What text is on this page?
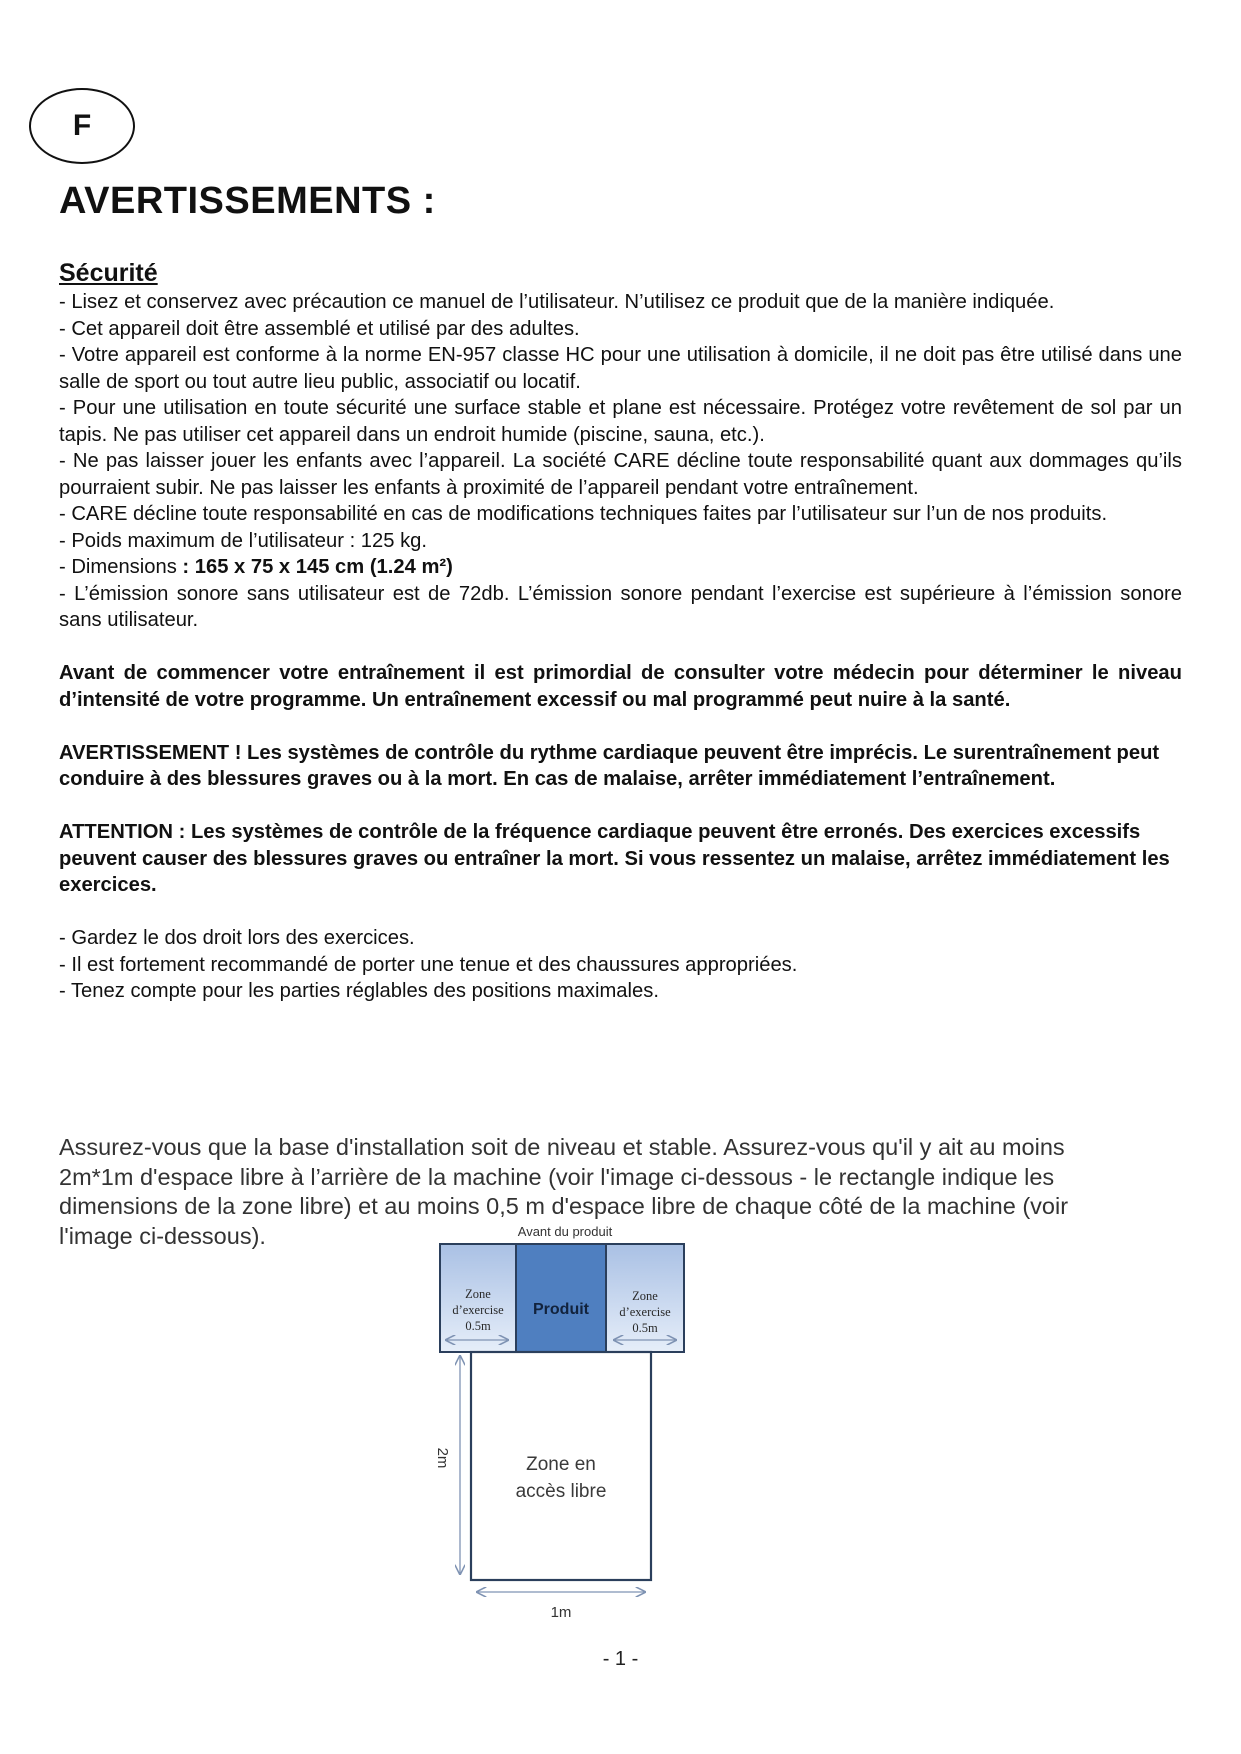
F
AVERTISSEMENTS :
Sécurité

- Lisez et conservez avec précaution ce manuel de l’utilisateur. N’utilisez ce produit que de la manière indiquée.

- Cet appareil doit être assemblé et utilisé par des adultes.

- Votre appareil est conforme à la norme EN-957 classe HC pour une utilisation à domicile, il ne doit pas être utilisé dans une salle de sport ou tout autre lieu public, associatif ou locatif.

- Pour une utilisation en toute sécurité une surface stable et plane est nécessaire. Protégez votre revêtement de sol par un tapis. Ne pas utiliser cet appareil dans un endroit humide (piscine, sauna, etc.).

- Ne pas laisser jouer les enfants avec l’appareil. La société CARE décline toute responsabilité quant aux dommages qu’ils pourraient subir. Ne pas laisser les enfants à proximité de l’appareil pendant votre entraînement.

- CARE décline toute responsabilité en cas de modifications techniques faites par l’utilisateur sur l’un de nos produits.

- Poids maximum de l’utilisateur : 125 kg.

- Dimensions : 165 x 75 x 145 cm (1.24 m²)

- L’émission sonore sans utilisateur est de 72db. L’émission sonore pendant l’exercise est supérieure à l’émission sonore sans utilisateur.

Avant de commencer votre entraînement il est primordial de consulter votre médecin pour déterminer le niveau d’intensité de votre programme. Un entraînement excessif ou mal programmé peut nuire à la santé.

AVERTISSEMENT ! Les systèmes de contrôle du rythme cardiaque peuvent être imprécis. Le surentraînement peut conduire à des blessures graves ou à la mort. En cas de malaise, arrêter immédiatement l’entraînement.

ATTENTION : Les systèmes de contrôle de la fréquence cardiaque peuvent être erronés. Des exercices excessifs peuvent causer des blessures graves ou entraîner la mort. Si vous ressentez un malaise, arrêtez immédiatement les exercices.

- Gardez le dos droit lors des exercices.

- Il est fortement recommandé de porter une tenue et des chaussures appropriées.

- Tenez compte pour les parties réglables des positions maximales.

Assurez-vous que la base d'installation soit de niveau et stable. Assurez-vous qu'il y ait au moins 2m*1m d'espace libre à l’arrière de la machine (voir l'image ci-dessous - le rectangle indique les dimensions de la zone libre) et au moins 0,5 m d'espace libre de chaque côté de la machine (voir l'image ci-dessous).	Avant du produit
Zone
d’exercise
0.5m
Produit
Zone
d’exercise
0.5m
Zone en
accès libre
2m
1m
- 1 -
